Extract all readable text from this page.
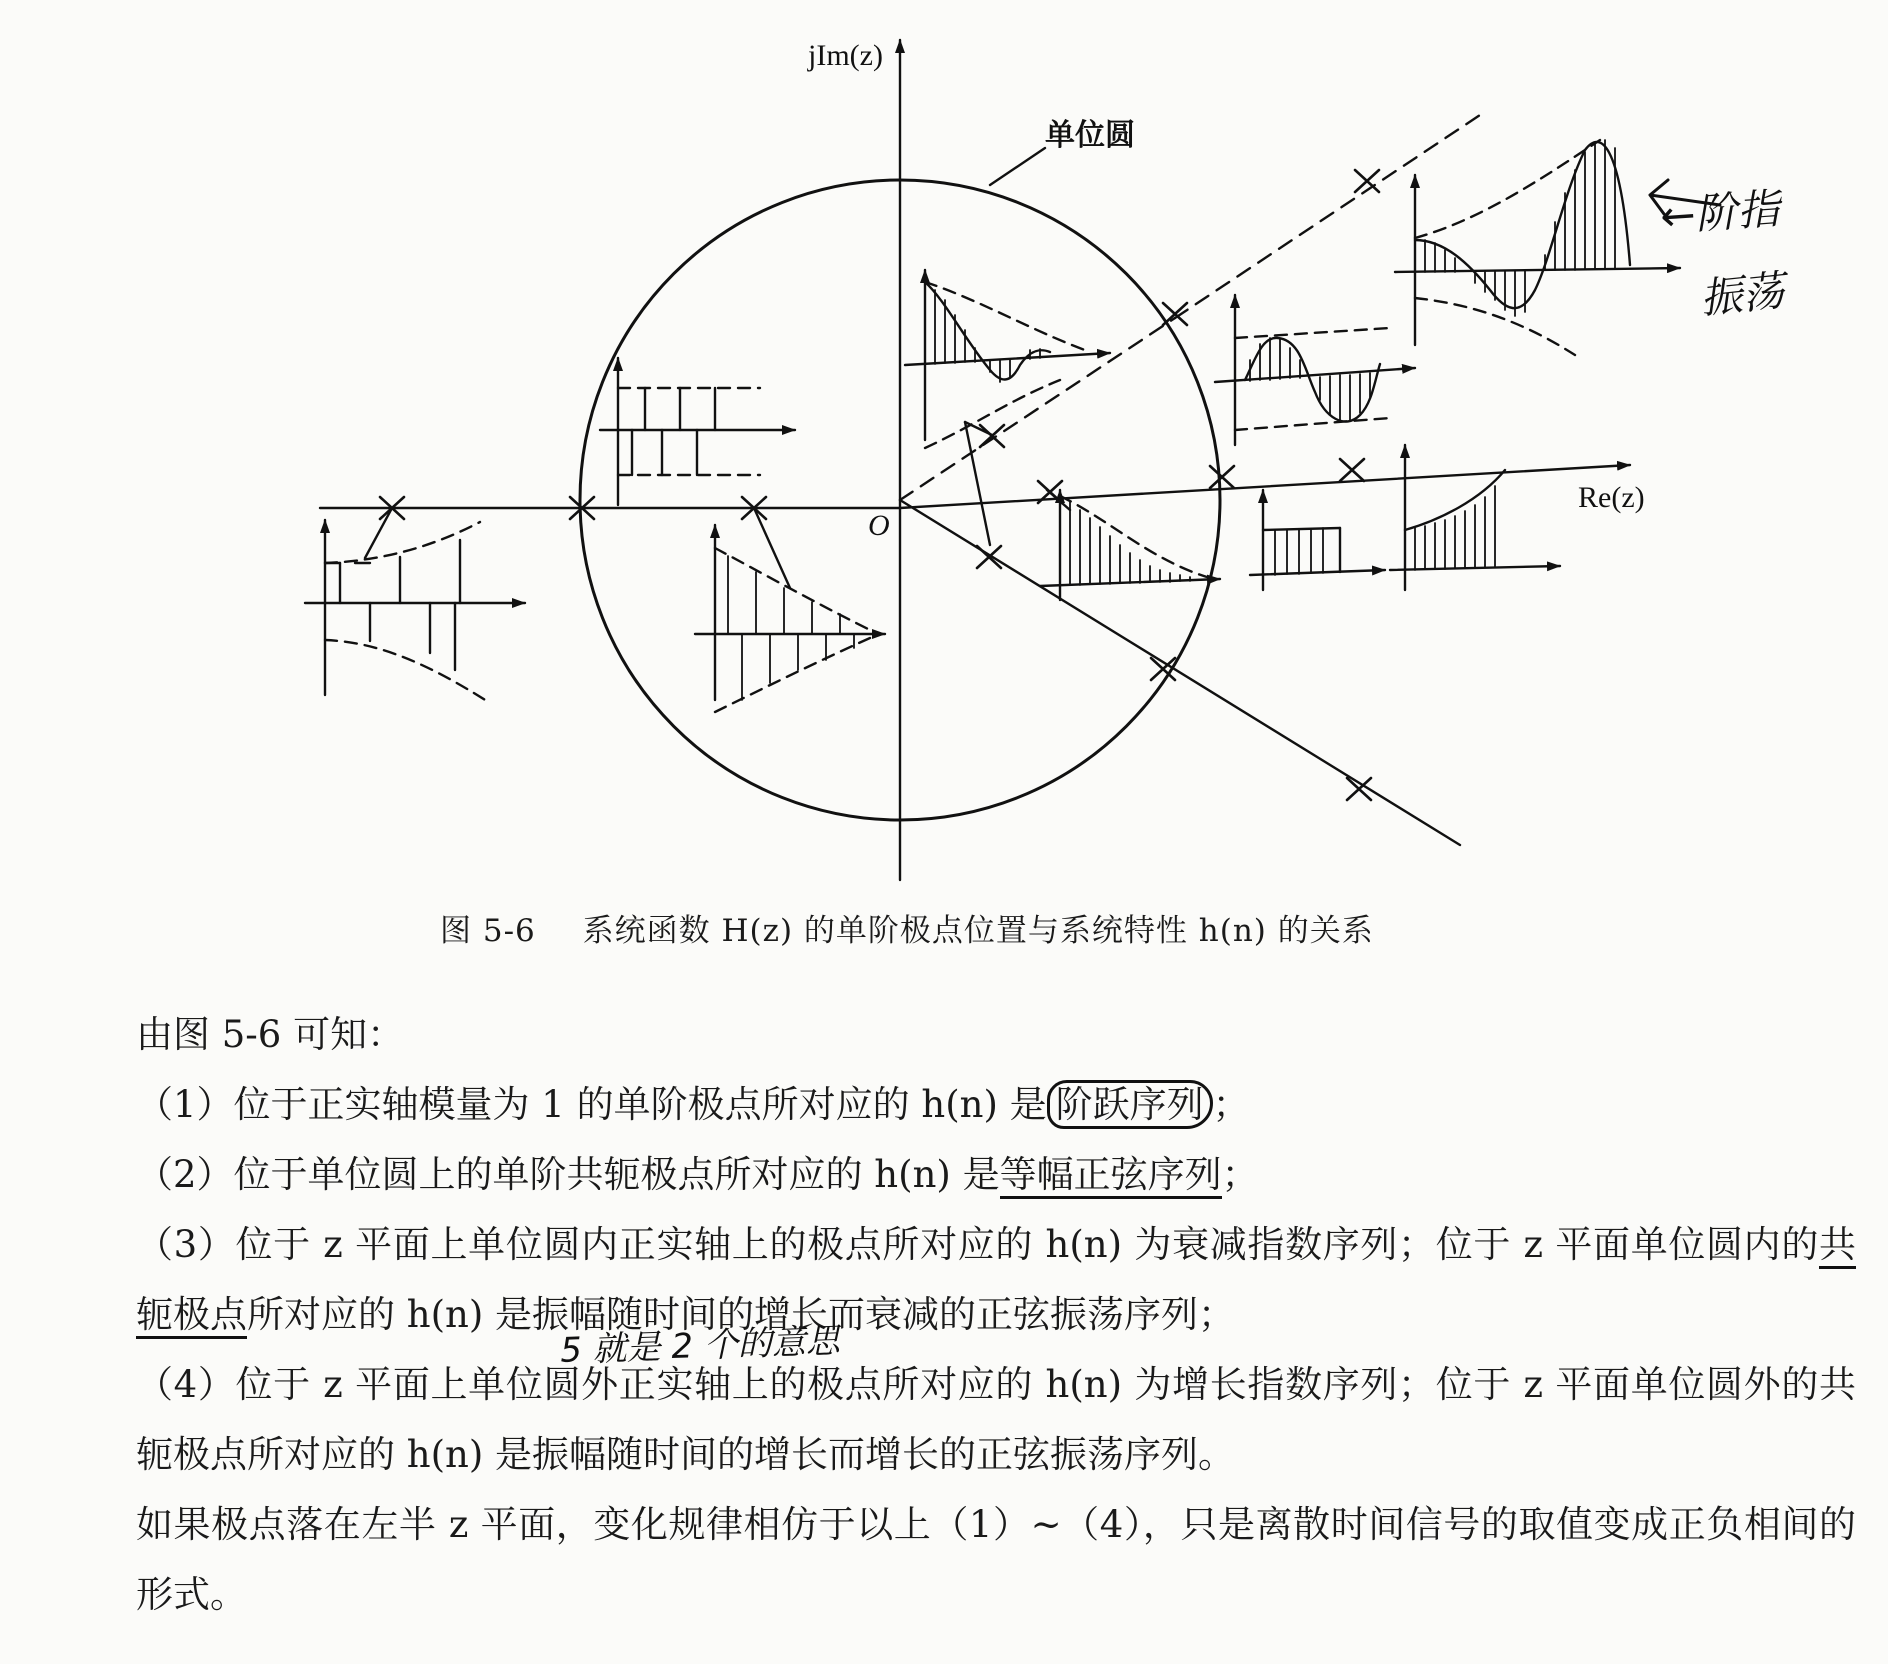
jIm(z)
Re(z)
O
单位圆
图 5-6 系统函数 H(z) 的单阶极点位置与系统特性 h(n) 的关系
←阶指
振荡

由图 5-6 可知：

（1）位于正实轴模量为 1 的单阶极点所对应的 h(n) 是 阶跃序列 ；

（2）位于单位圆上的单阶共轭极点所对应的 h(n) 是等幅正弦序列；

（3）位于 z 平面上单位圆内正实轴上的极点所对应的 h(n) 为衰减指数序列；位于 z 平面单位圆内的共轭极点所对应的 h(n) 是振幅随时间的增长而衰减的正弦振荡序列；

（4）位于 z 平面上单位圆外正实轴上的极点所对应的 h(n) 为增长指数序列；位于 z 平面单位圆外的共轭极点所对应的 h(n) 是振幅随时间的增长而增长的正弦振荡序列。

如果极点落在左半 z 平面，变化规律相仿于以上（1）~（4），只是离散时间信号的取值变成正负相间的形式。

5 就是 2 个的意思
